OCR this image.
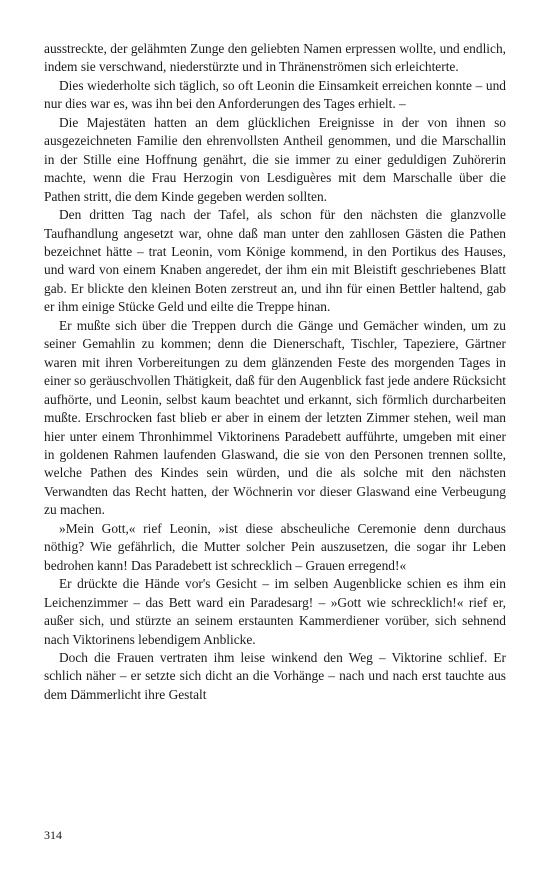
ausstreckte, der gelähmten Zunge den geliebten Namen erpressen wollte, und endlich, indem sie verschwand, niederstürzte und in Thränenströmen sich erleichterte.

Dies wiederholte sich täglich, so oft Leonin die Einsamkeit erreichen konnte – und nur dies war es, was ihn bei den Anforderungen des Tages erhielt. –

Die Majestäten hatten an dem glücklichen Ereignisse in der von ihnen so ausgezeichneten Familie den ehrenvollsten Antheil genommen, und die Marschallin in der Stille eine Hoffnung genährt, die sie immer zu einer geduldigen Zuhörerin machte, wenn die Frau Herzogin von Lesdiguères mit dem Marschalle über die Pathen stritt, die dem Kinde gegeben werden sollten.

Den dritten Tag nach der Tafel, als schon für den nächsten die glanzvolle Taufhandlung angesetzt war, ohne daß man unter den zahllosen Gästen die Pathen bezeichnet hätte – trat Leonin, vom Könige kommend, in den Portikus des Hauses, und ward von einem Knaben angeredet, der ihm ein mit Bleistift geschriebenes Blatt gab. Er blickte den kleinen Boten zerstreut an, und ihn für einen Bettler haltend, gab er ihm einige Stücke Geld und eilte die Treppe hinan.

Er mußte sich über die Treppen durch die Gänge und Gemächer winden, um zu seiner Gemahlin zu kommen; denn die Dienerschaft, Tischler, Tapeziere, Gärtner waren mit ihren Vorbereitungen zu dem glänzenden Feste des morgenden Tages in einer so geräuschvollen Thätigkeit, daß für den Augenblick fast jede andere Rücksicht aufhörte, und Leonin, selbst kaum beachtet und erkannt, sich förmlich durcharbeiten mußte. Erschrocken fast blieb er aber in einem der letzten Zimmer stehen, weil man hier unter einem Thronhimmel Viktorinens Paradebett aufführte, umgeben mit einer in goldenen Rahmen laufenden Glaswand, die sie von den Personen trennen sollte, welche Pathen des Kindes sein würden, und die als solche mit den nächsten Verwandten das Recht hatten, der Wöchnerin vor dieser Glaswand eine Verbeugung zu machen.

»Mein Gott,« rief Leonin, »ist diese abscheuliche Ceremonie denn durchaus nöthig? Wie gefährlich, die Mutter solcher Pein auszusetzen, die sogar ihr Leben bedrohen kann! Das Paradebett ist schrecklich – Grauen erregend!«

Er drückte die Hände vor's Gesicht – im selben Augenblicke schien es ihm ein Leichenzimmer – das Bett ward ein Paradesarg! – »Gott wie schrecklich!« rief er, außer sich, und stürzte an seinem erstaunten Kammerdiener vorüber, sich sehnend nach Viktorinens lebendigem Anblicke.

Doch die Frauen vertraten ihm leise winkend den Weg – Viktorine schlief. Er schlich näher – er setzte sich dicht an die Vorhänge – nach und nach erst tauchte aus dem Dämmerlicht ihre Gestalt

314
